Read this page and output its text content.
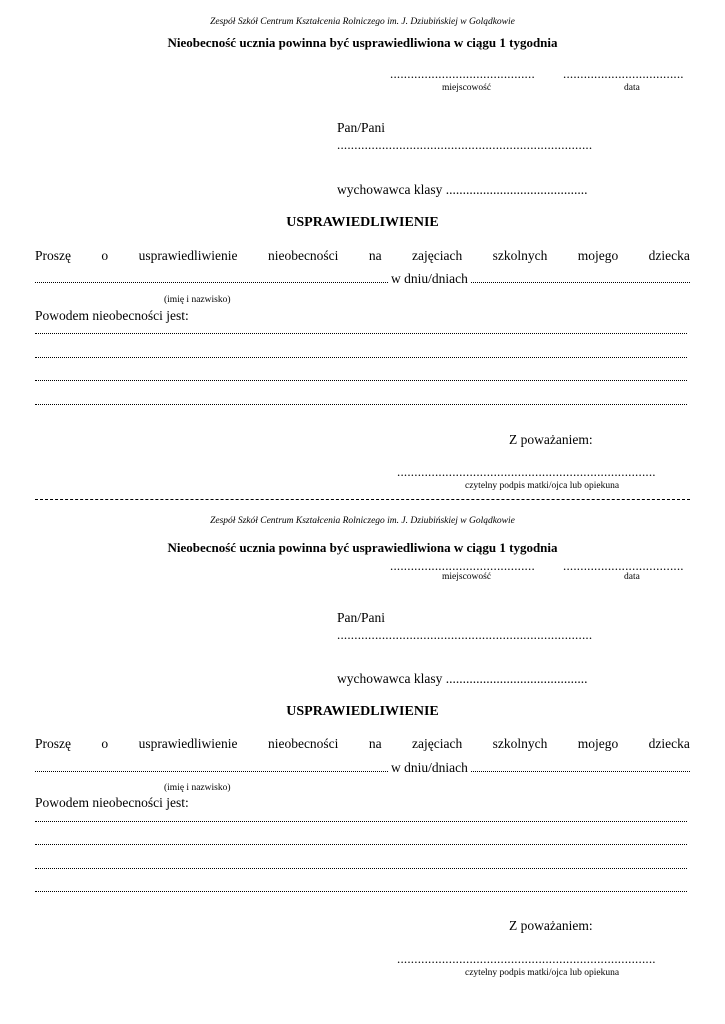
Zespół Szkół Centrum Kształcenia Rolniczego im. J. Dziubińskiej w Golądkowie
Nieobecność ucznia powinna być usprawiedliwiona w ciągu 1 tygodnia
.......................................... ...................................
miejscowość	data
Pan/Pani
..........................................................................
wychowawca klasy ..........................................
USPRAWIEDLIWIENIE
Proszę o usprawiedliwienie nieobecności na zajęciach szkolnych mojego dziecka
w dniu/dniach
(imię i nazwisko)
Powodem nieobecności jest:
Z poważaniem:
...........................................................................
czytelny podpis matki/ojca lub opiekuna
Zespół Szkół Centrum Kształcenia Rolniczego im. J. Dziubińskiej w Golądkowie
Nieobecność ucznia powinna być usprawiedliwiona w ciągu 1 tygodnia
.......................................... ...................................
miejscowość	data
Pan/Pani
..........................................................................
wychowawca klasy ..........................................
USPRAWIEDLIWIENIE
Proszę o usprawiedliwienie nieobecności na zajęciach szkolnych mojego dziecka
w dniu/dniach
(imię i nazwisko)
Powodem nieobecności jest:
Z poważaniem:
...........................................................................
czytelny podpis matki/ojca lub opiekuna
